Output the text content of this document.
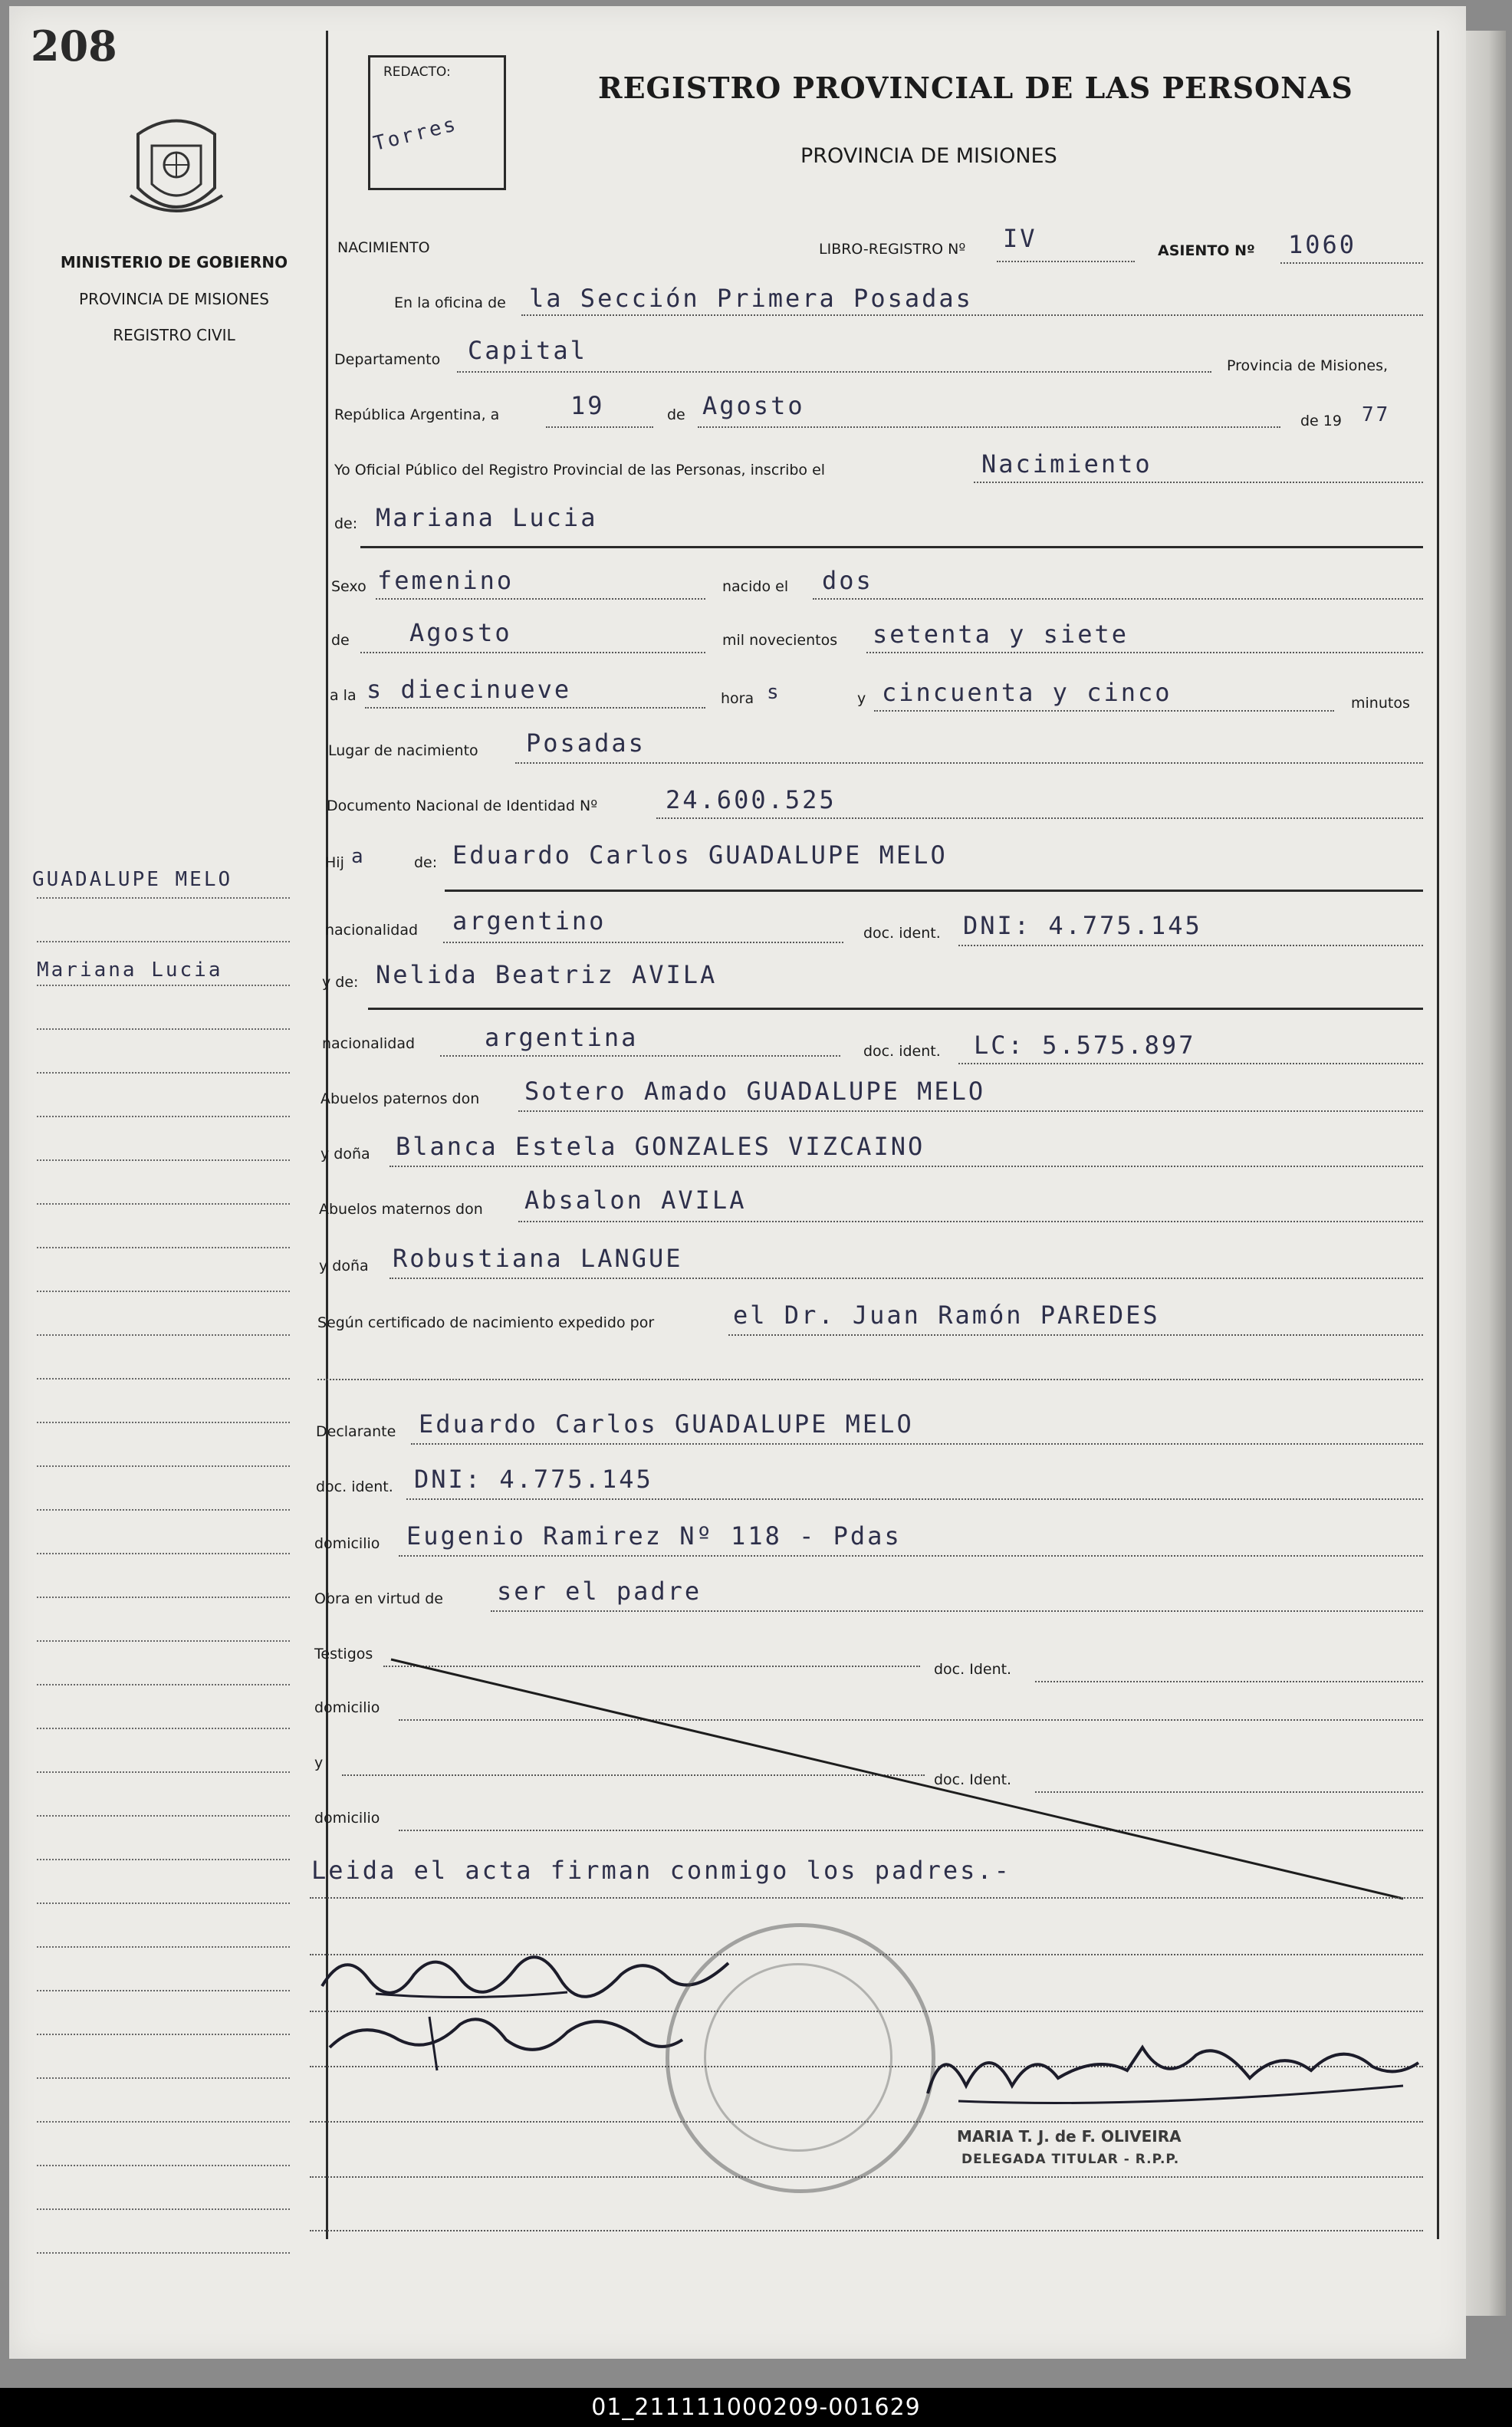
208
MINISTERIO DE GOBIERNO
PROVINCIA DE MISIONES
REGISTRO CIVIL
REDACTO:
Torres
REGISTRO PROVINCIAL DE LAS PERSONAS
PROVINCIA DE MISIONES
GUADALUPE MELO
Mariana Lucia
NACIMIENTO	LIBRO-REGISTRO Nº IV	ASIENTO Nº 1060
En la oficina de la Sección Primera Posadas
Departamento Capital
Provincia de Misiones,
República Argentina, a	19	de Agosto
de 19 77
Yo Oficial Público del Registro Provincial de las Personas, inscribo el	Nacimiento
de: Mariana Lucia
Sexo femenino	nacido el dos
de Agosto	mil novecientos setenta y siete
a la s diecinueve	hora s	y cincuenta y cinco	minutos
Lugar de nacimiento Posadas
Documento Nacional de Identidad Nº	24.600.525
Hij a	de: Eduardo Carlos GUADALUPE MELO
nacionalidad argentino	doc. ident. DNI: 4.775.145
y de: Nelida Beatriz AVILA
nacionalidad	argentina	doc. ident. LC: 5.575.897
Abuelos paternos don Sotero Amado GUADALUPE MELO
y doña Blanca Estela GONZALES VIZCAINO
Abuelos maternos don Absalon AVILA
y doña Robustiana LANGUE
Según certificado de nacimiento expedido por	el Dr. Juan Ramón PAREDES
Declarante Eduardo Carlos GUADALUPE MELO
doc. ident. DNI: 4.775.145
domicilio Eugenio Ramirez Nº 118 - Pdas
Obra en virtud de ser el padre
Testigos
doc. Ident.
domicilio
y
doc. Ident.
domicilio
Leida el acta firman conmigo los padres.-
MARIA T. J. de F. OLIVEIRA
DELEGADA TITULAR - R.P.P.
01_211111000209-001629
